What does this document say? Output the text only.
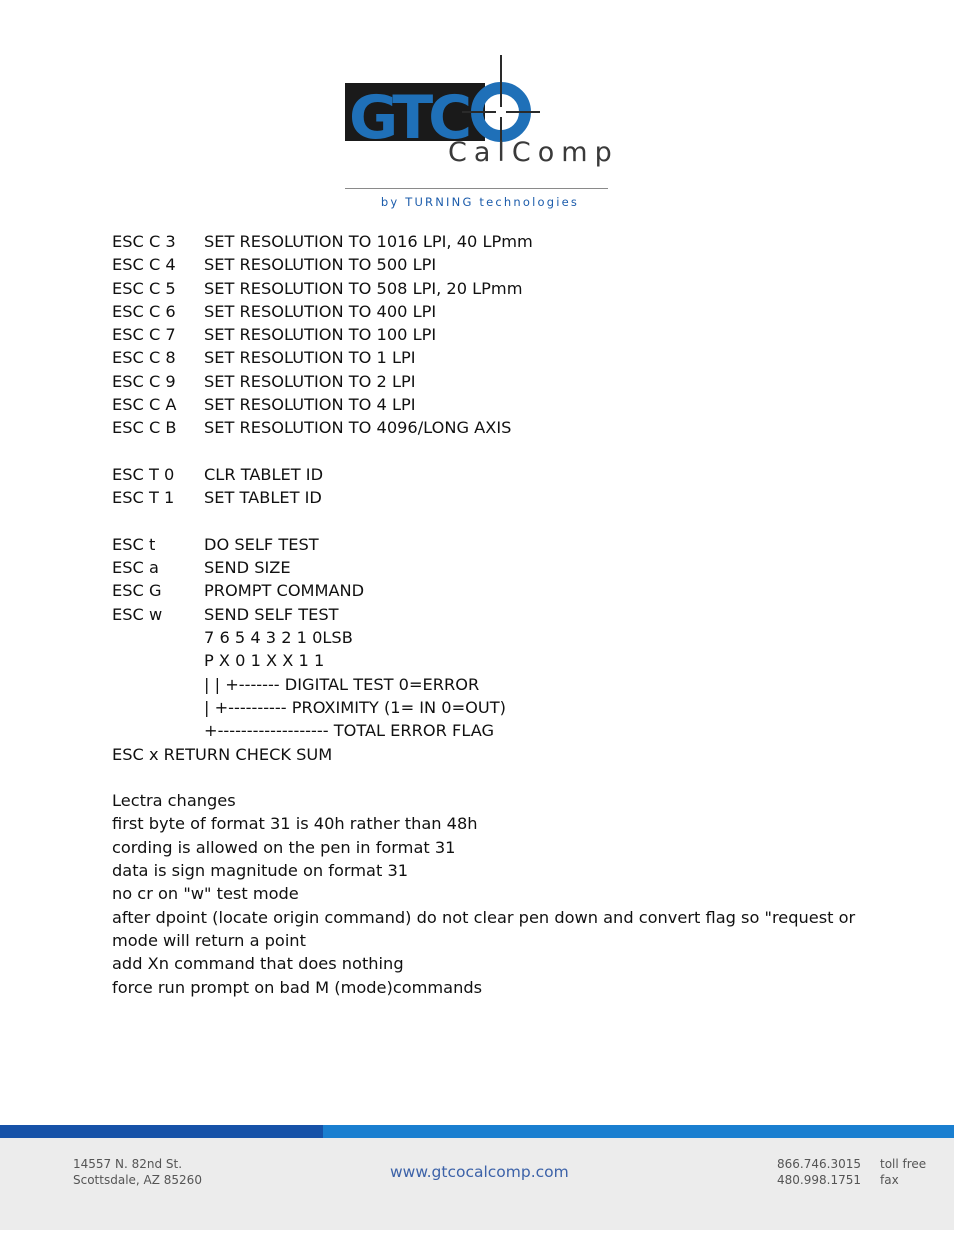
GTC
CalComp
by TURNING technologies
ESC C 3	SET RESOLUTION TO 1016 LPI, 40 LPmm
ESC C 4	SET RESOLUTION TO 500 LPI
ESC C 5	SET RESOLUTION TO 508 LPI, 20 LPmm
ESC C 6	SET RESOLUTION TO 400 LPI
ESC C 7	SET RESOLUTION TO 100 LPI
ESC C 8	SET RESOLUTION TO 1 LPI
ESC C 9	SET RESOLUTION TO 2 LPI
ESC C A	SET RESOLUTION TO 4 LPI
ESC C B	SET RESOLUTION TO 4096/LONG AXIS
ESC T 0	CLR TABLET ID
ESC T 1	SET TABLET ID
ESC t	DO SELF TEST
ESC a	SEND SIZE
ESC G	PROMPT COMMAND
ESC w	SEND SELF TEST
7 6 5 4 3 2 1 0LSB
P X 0 1 X X 1 1
| | +------- DIGITAL TEST 0=ERROR
| +---------- PROXIMITY (1= IN 0=OUT)
+------------------- TOTAL ERROR FLAG
ESC x RETURN CHECK SUM
Lectra changes
first byte of format 31 is 40h rather than 48h
cording is allowed on the pen in format 31
data is sign magnitude on format 31
no cr on "w" test mode
after dpoint (locate origin command) do not clear pen down and convert flag so "request or
mode will return a point
add Xn command that does nothing
force run prompt on bad M (mode)commands
14557 N. 82nd St.
Scottsdale, AZ 85260	www.gtcocalcomp.com	866.746.3015
480.998.1751
toll free
fax
